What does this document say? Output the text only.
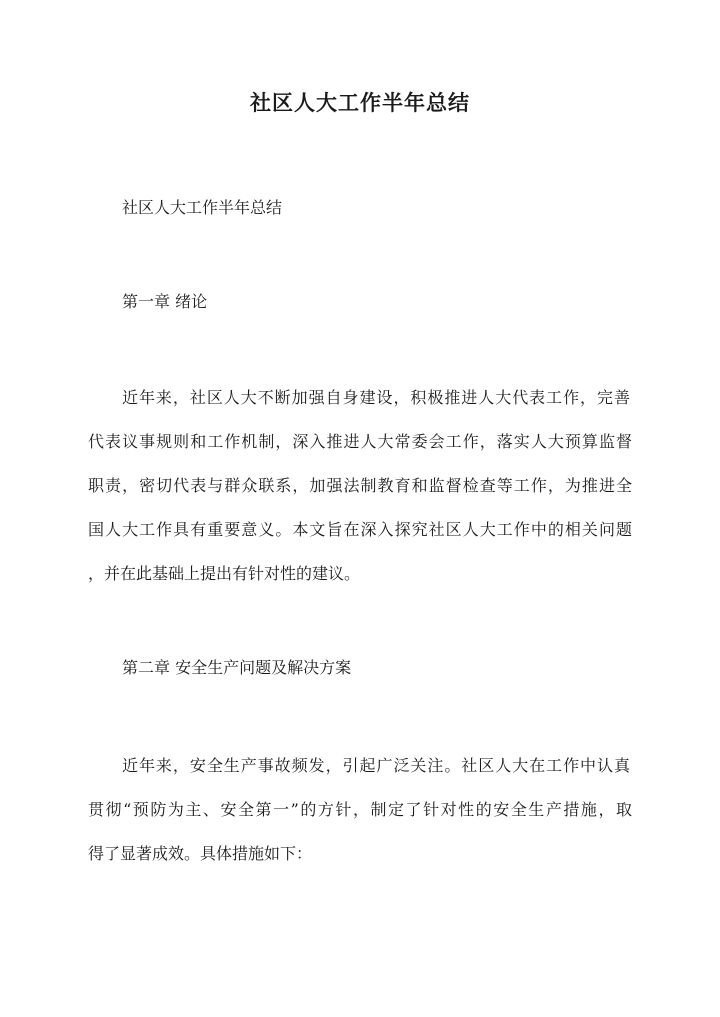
社区人大工作半年总结

社区人大工作半年总结

第一章 绪论

近年来，社区人大不断加强自身建设，积极推进人大代表工作，完善

代表议事规则和工作机制，深入推进人大常委会工作，落实人大预算监督

职责，密切代表与群众联系，加强法制教育和监督检查等工作，为推进全

国人大工作具有重要意义。本文旨在深入探究社区人大工作中的相关问题

，并在此基础上提出有针对性的建议。

第二章 安全生产问题及解决方案

近年来，安全生产事故频发，引起广泛关注。社区人大在工作中认真

贯彻“预防为主、安全第一”的方针，制定了针对性的安全生产措施，取

得了显著成效。具体措施如下：
